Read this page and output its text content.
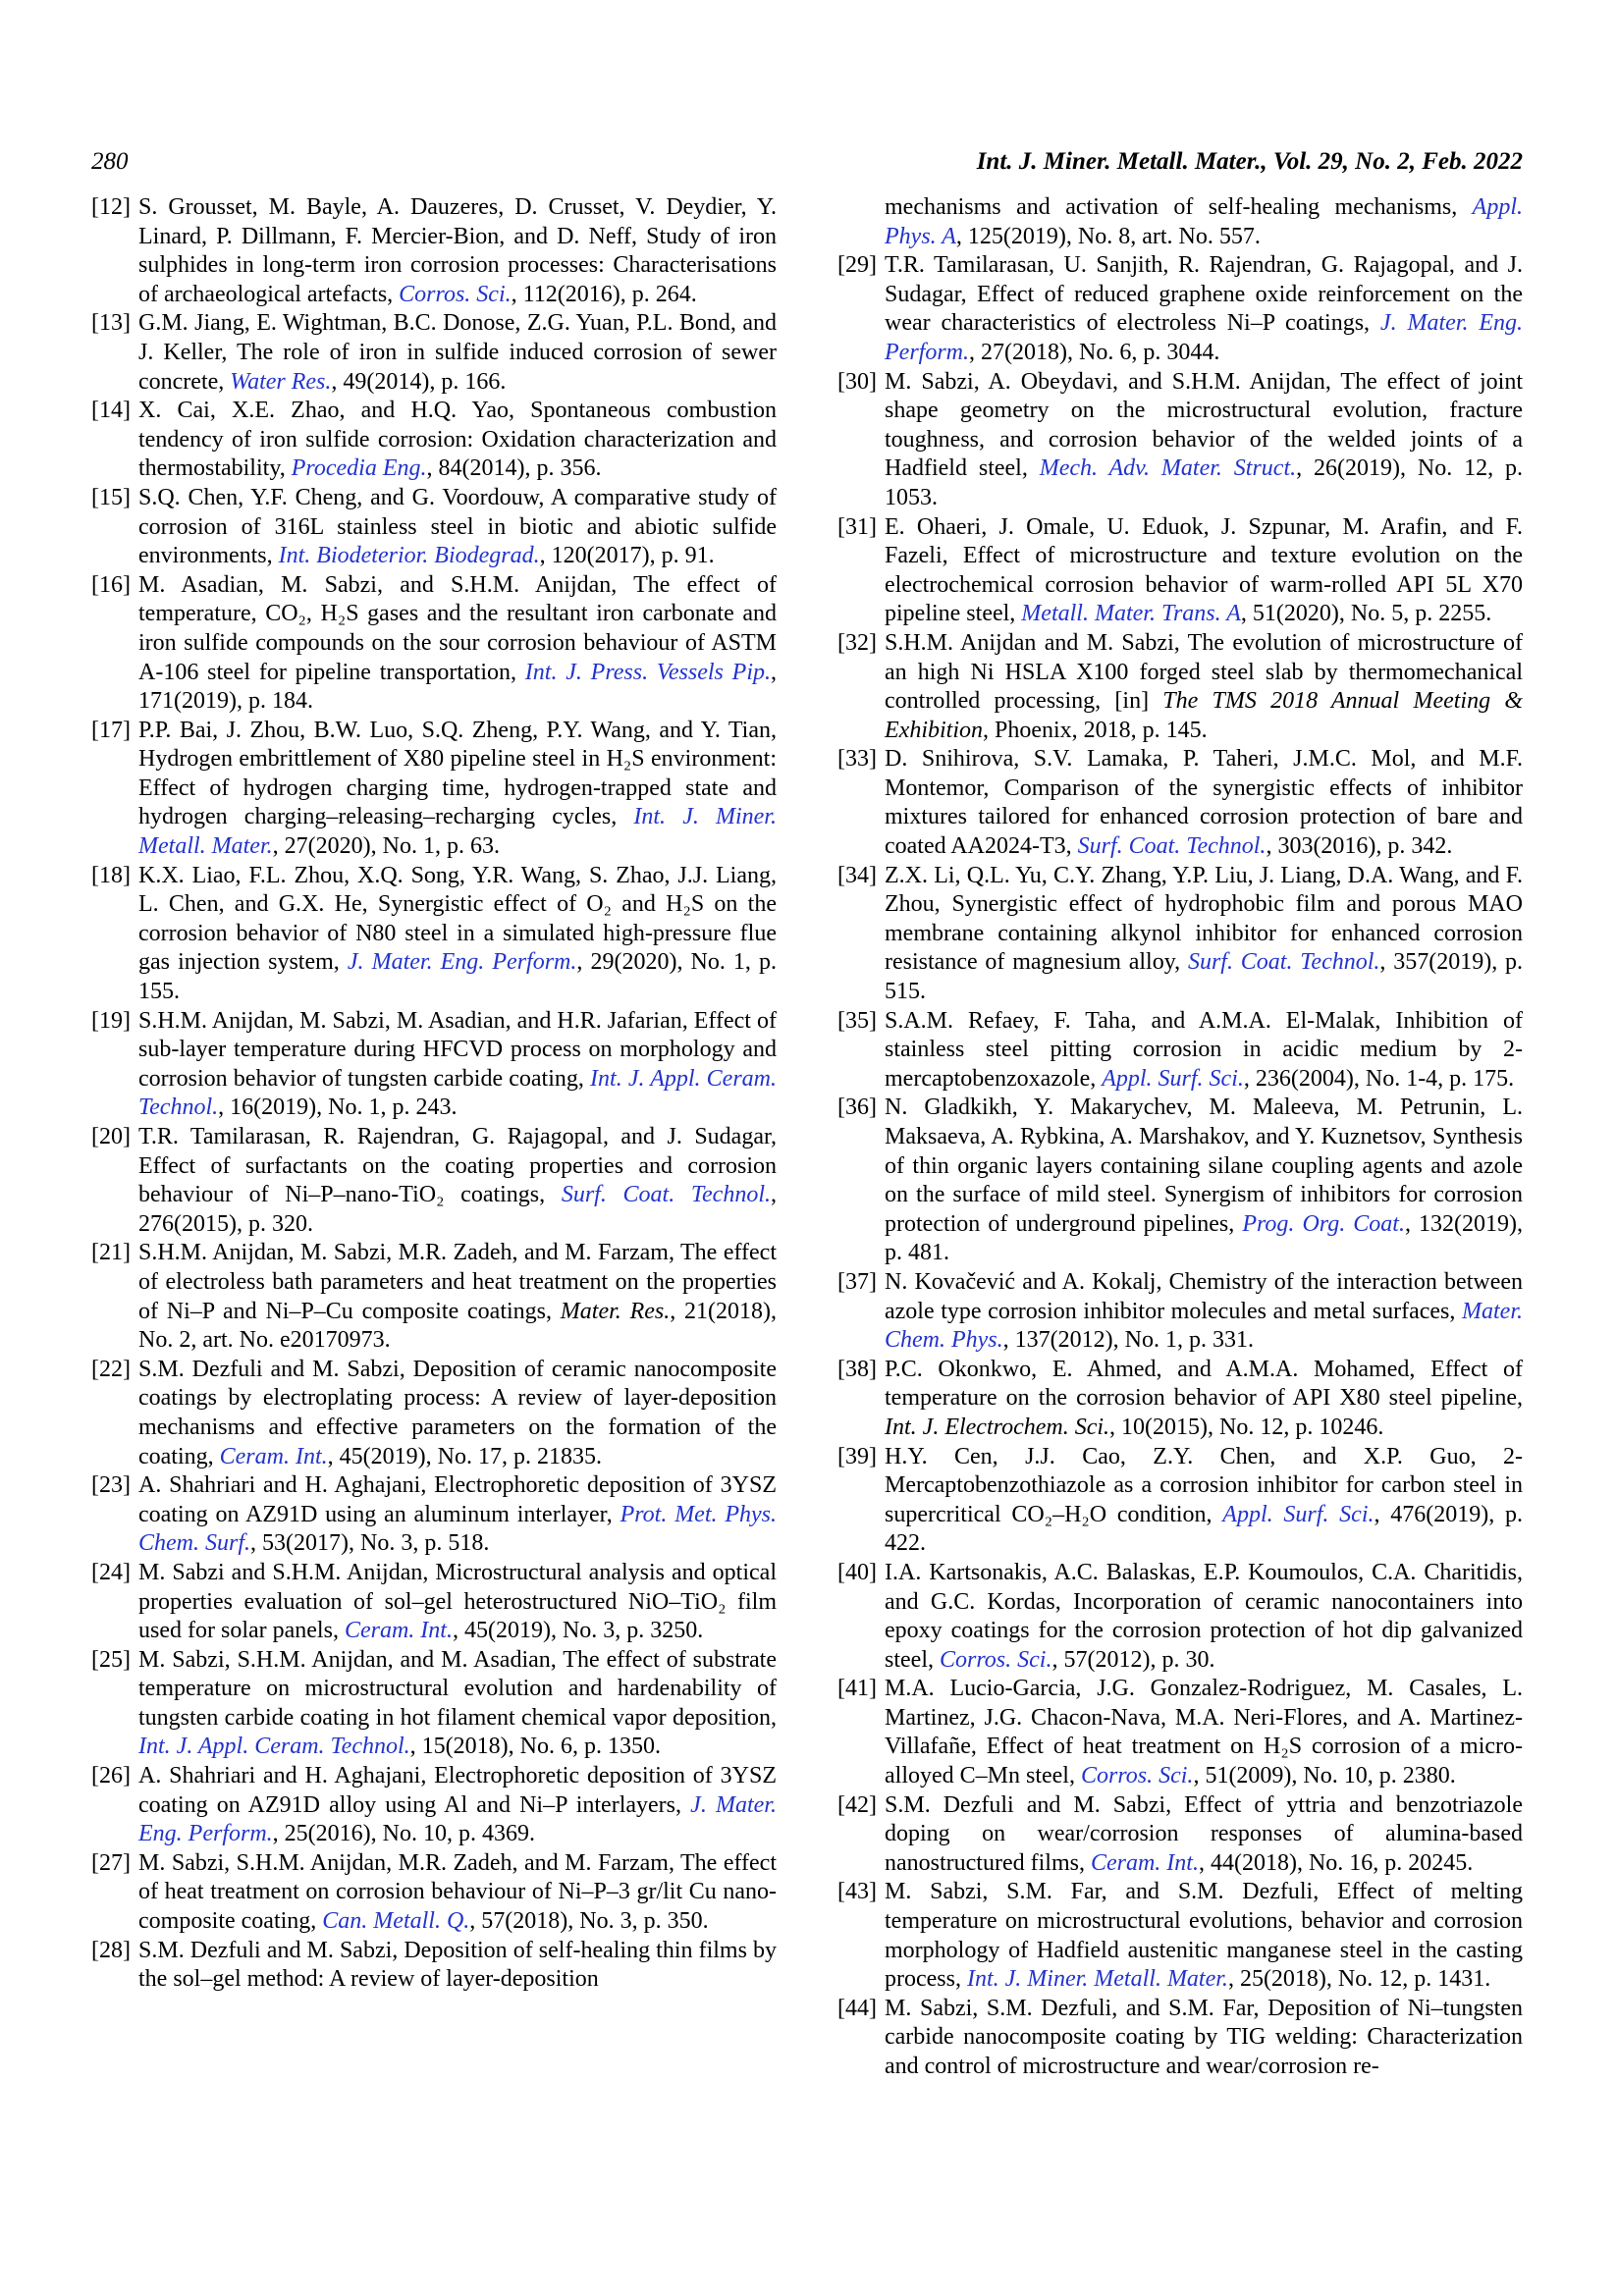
280	Int. J. Miner. Metall. Mater., Vol. 29, No. 2, Feb. 2022
[12] S. Grousset, M. Bayle, A. Dauzeres, D. Crusset, V. Deydier, Y. Linard, P. Dillmann, F. Mercier-Bion, and D. Neff, Study of iron sulphides in long-term iron corrosion processes: Characterisations of archaeological artefacts, Corros. Sci., 112(2016), p. 264.
[13] G.M. Jiang, E. Wightman, B.C. Donose, Z.G. Yuan, P.L. Bond, and J. Keller, The role of iron in sulfide induced corrosion of sewer concrete, Water Res., 49(2014), p. 166.
[14] X. Cai, X.E. Zhao, and H.Q. Yao, Spontaneous combustion tendency of iron sulfide corrosion: Oxidation characterization and thermostability, Procedia Eng., 84(2014), p. 356.
[15] S.Q. Chen, Y.F. Cheng, and G. Voordouw, A comparative study of corrosion of 316L stainless steel in biotic and abiotic sulfide environments, Int. Biodeterior. Biodegrad., 120(2017), p. 91.
[16] M. Asadian, M. Sabzi, and S.H.M. Anijdan, The effect of temperature, CO₂, H₂S gases and the resultant iron carbonate and iron sulfide compounds on the sour corrosion behaviour of ASTM A-106 steel for pipeline transportation, Int. J. Press. Vessels Pip., 171(2019), p. 184.
[17] P.P. Bai, J. Zhou, B.W. Luo, S.Q. Zheng, P.Y. Wang, and Y. Tian, Hydrogen embrittlement of X80 pipeline steel in H₂S environment: Effect of hydrogen charging time, hydrogen-trapped state and hydrogen charging–releasing–recharging cycles, Int. J. Miner. Metall. Mater., 27(2020), No. 1, p. 63.
[18] K.X. Liao, F.L. Zhou, X.Q. Song, Y.R. Wang, S. Zhao, J.J. Liang, L. Chen, and G.X. He, Synergistic effect of O₂ and H₂S on the corrosion behavior of N80 steel in a simulated high-pressure flue gas injection system, J. Mater. Eng. Perform., 29(2020), No. 1, p. 155.
[19] S.H.M. Anijdan, M. Sabzi, M. Asadian, and H.R. Jafarian, Effect of sub-layer temperature during HFCVD process on morphology and corrosion behavior of tungsten carbide coating, Int. J. Appl. Ceram. Technol., 16(2019), No. 1, p. 243.
[20] T.R. Tamilarasan, R. Rajendran, G. Rajagopal, and J. Sudagar, Effect of surfactants on the coating properties and corrosion behaviour of Ni–P–nano-TiO₂ coatings, Surf. Coat. Technol., 276(2015), p. 320.
[21] S.H.M. Anijdan, M. Sabzi, M.R. Zadeh, and M. Farzam, The effect of electroless bath parameters and heat treatment on the properties of Ni–P and Ni–P–Cu composite coatings, Mater. Res., 21(2018), No. 2, art. No. e20170973.
[22] S.M. Dezfuli and M. Sabzi, Deposition of ceramic nanocomposite coatings by electroplating process: A review of layer-deposition mechanisms and effective parameters on the formation of the coating, Ceram. Int., 45(2019), No. 17, p. 21835.
[23] A. Shahriari and H. Aghajani, Electrophoretic deposition of 3YSZ coating on AZ91D using an aluminum interlayer, Prot. Met. Phys. Chem. Surf., 53(2017), No. 3, p. 518.
[24] M. Sabzi and S.H.M. Anijdan, Microstructural analysis and optical properties evaluation of sol–gel heterostructured NiO–TiO₂ film used for solar panels, Ceram. Int., 45(2019), No. 3, p. 3250.
[25] M. Sabzi, S.H.M. Anijdan, and M. Asadian, The effect of substrate temperature on microstructural evolution and hardenability of tungsten carbide coating in hot filament chemical vapor deposition, Int. J. Appl. Ceram. Technol., 15(2018), No. 6, p. 1350.
[26] A. Shahriari and H. Aghajani, Electrophoretic deposition of 3YSZ coating on AZ91D alloy using Al and Ni–P interlayers, J. Mater. Eng. Perform., 25(2016), No. 10, p. 4369.
[27] M. Sabzi, S.H.M. Anijdan, M.R. Zadeh, and M. Farzam, The effect of heat treatment on corrosion behaviour of Ni–P–3 gr/lit Cu nano-composite coating, Can. Metall. Q., 57(2018), No. 3, p. 350.
[28] S.M. Dezfuli and M. Sabzi, Deposition of self-healing thin films by the sol–gel method: A review of layer-deposition
mechanisms and activation of self-healing mechanisms, Appl. Phys. A, 125(2019), No. 8, art. No. 557.
[29] T.R. Tamilarasan, U. Sanjith, R. Rajendran, G. Rajagopal, and J. Sudagar, Effect of reduced graphene oxide reinforcement on the wear characteristics of electroless Ni–P coatings, J. Mater. Eng. Perform., 27(2018), No. 6, p. 3044.
[30] M. Sabzi, A. Obeydavi, and S.H.M. Anijdan, The effect of joint shape geometry on the microstructural evolution, fracture toughness, and corrosion behavior of the welded joints of a Hadfield steel, Mech. Adv. Mater. Struct., 26(2019), No. 12, p. 1053.
[31] E. Ohaeri, J. Omale, U. Eduok, J. Szpunar, M. Arafin, and F. Fazeli, Effect of microstructure and texture evolution on the electrochemical corrosion behavior of warm-rolled API 5L X70 pipeline steel, Metall. Mater. Trans. A, 51(2020), No. 5, p. 2255.
[32] S.H.M. Anijdan and M. Sabzi, The evolution of microstructure of an high Ni HSLA X100 forged steel slab by thermomechanical controlled processing, [in] The TMS 2018 Annual Meeting & Exhibition, Phoenix, 2018, p. 145.
[33] D. Snihirova, S.V. Lamaka, P. Taheri, J.M.C. Mol, and M.F. Montemor, Comparison of the synergistic effects of inhibitor mixtures tailored for enhanced corrosion protection of bare and coated AA2024-T3, Surf. Coat. Technol., 303(2016), p. 342.
[34] Z.X. Li, Q.L. Yu, C.Y. Zhang, Y.P. Liu, J. Liang, D.A. Wang, and F. Zhou, Synergistic effect of hydrophobic film and porous MAO membrane containing alkynol inhibitor for enhanced corrosion resistance of magnesium alloy, Surf. Coat. Technol., 357(2019), p. 515.
[35] S.A.M. Refaey, F. Taha, and A.M.A. El-Malak, Inhibition of stainless steel pitting corrosion in acidic medium by 2-mercaptobenzoxazole, Appl. Surf. Sci., 236(2004), No. 1-4, p. 175.
[36] N. Gladkikh, Y. Makarychev, M. Maleeva, M. Petrunin, L. Maksaeva, A. Rybkina, A. Marshakov, and Y. Kuznetsov, Synthesis of thin organic layers containing silane coupling agents and azole on the surface of mild steel. Synergism of inhibitors for corrosion protection of underground pipelines, Prog. Org. Coat., 132(2019), p. 481.
[37] N. Kovačević and A. Kokalj, Chemistry of the interaction between azole type corrosion inhibitor molecules and metal surfaces, Mater. Chem. Phys., 137(2012), No. 1, p. 331.
[38] P.C. Okonkwo, E. Ahmed, and A.M.A. Mohamed, Effect of temperature on the corrosion behavior of API X80 steel pipeline, Int. J. Electrochem. Sci., 10(2015), No. 12, p. 10246.
[39] H.Y. Cen, J.J. Cao, Z.Y. Chen, and X.P. Guo, 2-Mercaptobenzothiazole as a corrosion inhibitor for carbon steel in supercritical CO₂–H₂O condition, Appl. Surf. Sci., 476(2019), p. 422.
[40] I.A. Kartsonakis, A.C. Balaskas, E.P. Koumoulos, C.A. Charitidis, and G.C. Kordas, Incorporation of ceramic nanocontainers into epoxy coatings for the corrosion protection of hot dip galvanized steel, Corros. Sci., 57(2012), p. 30.
[41] M.A. Lucio-Garcia, J.G. Gonzalez-Rodriguez, M. Casales, L. Martinez, J.G. Chacon-Nava, M.A. Neri-Flores, and A. Martinez-Villafañe, Effect of heat treatment on H₂S corrosion of a micro-alloyed C–Mn steel, Corros. Sci., 51(2009), No. 10, p. 2380.
[42] S.M. Dezfuli and M. Sabzi, Effect of yttria and benzotriazole doping on wear/corrosion responses of alumina-based nanostructured films, Ceram. Int., 44(2018), No. 16, p. 20245.
[43] M. Sabzi, S.M. Far, and S.M. Dezfuli, Effect of melting temperature on microstructural evolutions, behavior and corrosion morphology of Hadfield austenitic manganese steel in the casting process, Int. J. Miner. Metall. Mater., 25(2018), No. 12, p. 1431.
[44] M. Sabzi, S.M. Dezfuli, and S.M. Far, Deposition of Ni–tungsten carbide nanocomposite coating by TIG welding: Characterization and control of microstructure and wear/corrosion re-
